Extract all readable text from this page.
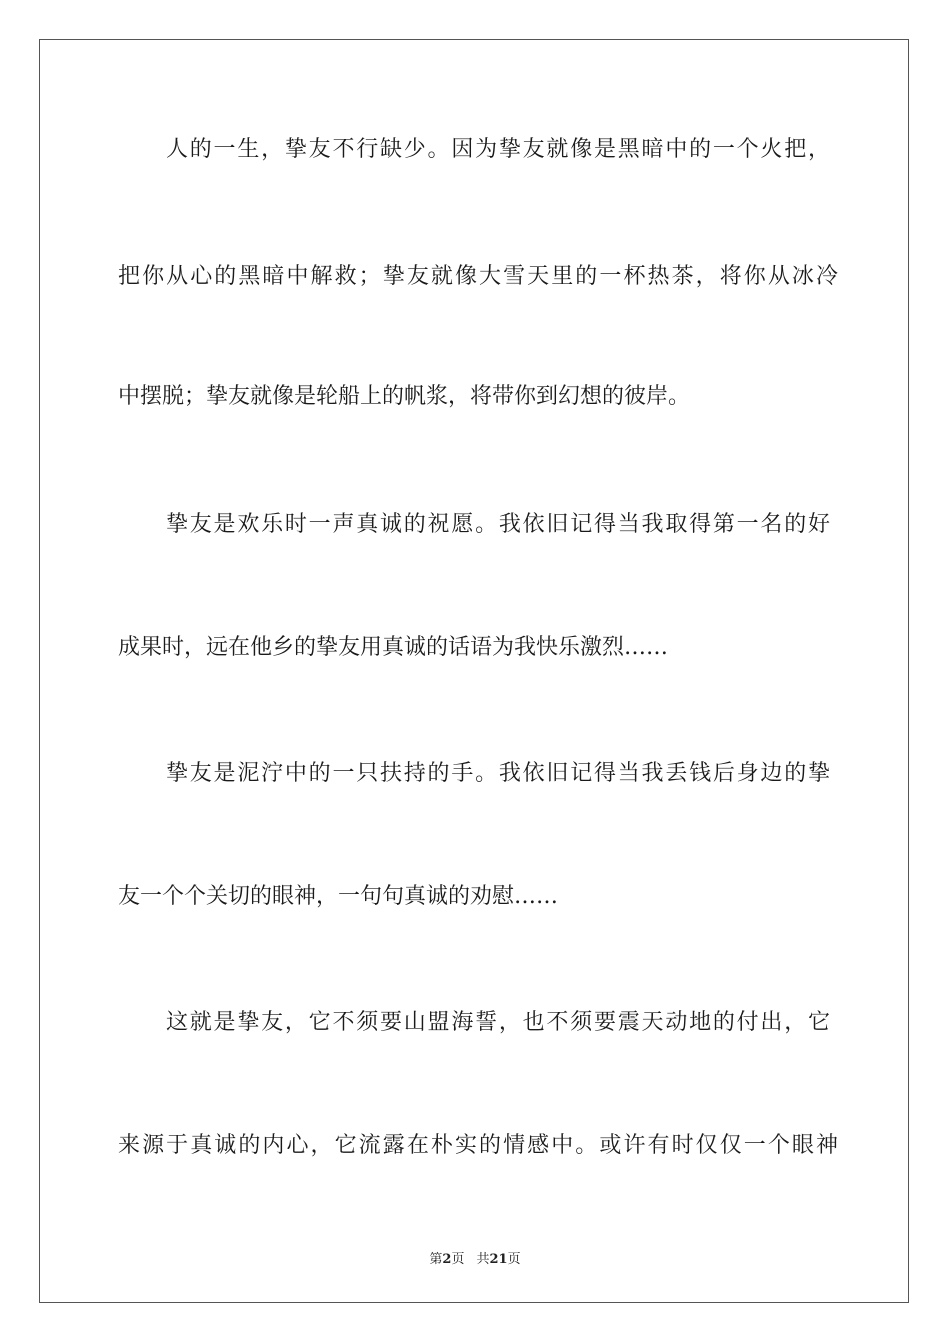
人的一生，挚友不行缺少。因为挚友就像是黑暗中的一个火把，

把你从心的黑暗中解救；挚友就像大雪天里的一杯热茶，将你从冰冷

中摆脱；挚友就像是轮船上的帆浆，将带你到幻想的彼岸。

挚友是欢乐时一声真诚的祝愿。我依旧记得当我取得第一名的好

成果时，远在他乡的挚友用真诚的话语为我快乐激烈……

挚友是泥泞中的一只扶持的手。我依旧记得当我丢钱后身边的挚

友一个个关切的眼神，一句句真诚的劝慰……

这就是挚友，它不须要山盟海誓，也不须要震天动地的付出，它

来源于真诚的内心，它流露在朴实的情感中。或许有时仅仅一个眼神

第2页 共21页
